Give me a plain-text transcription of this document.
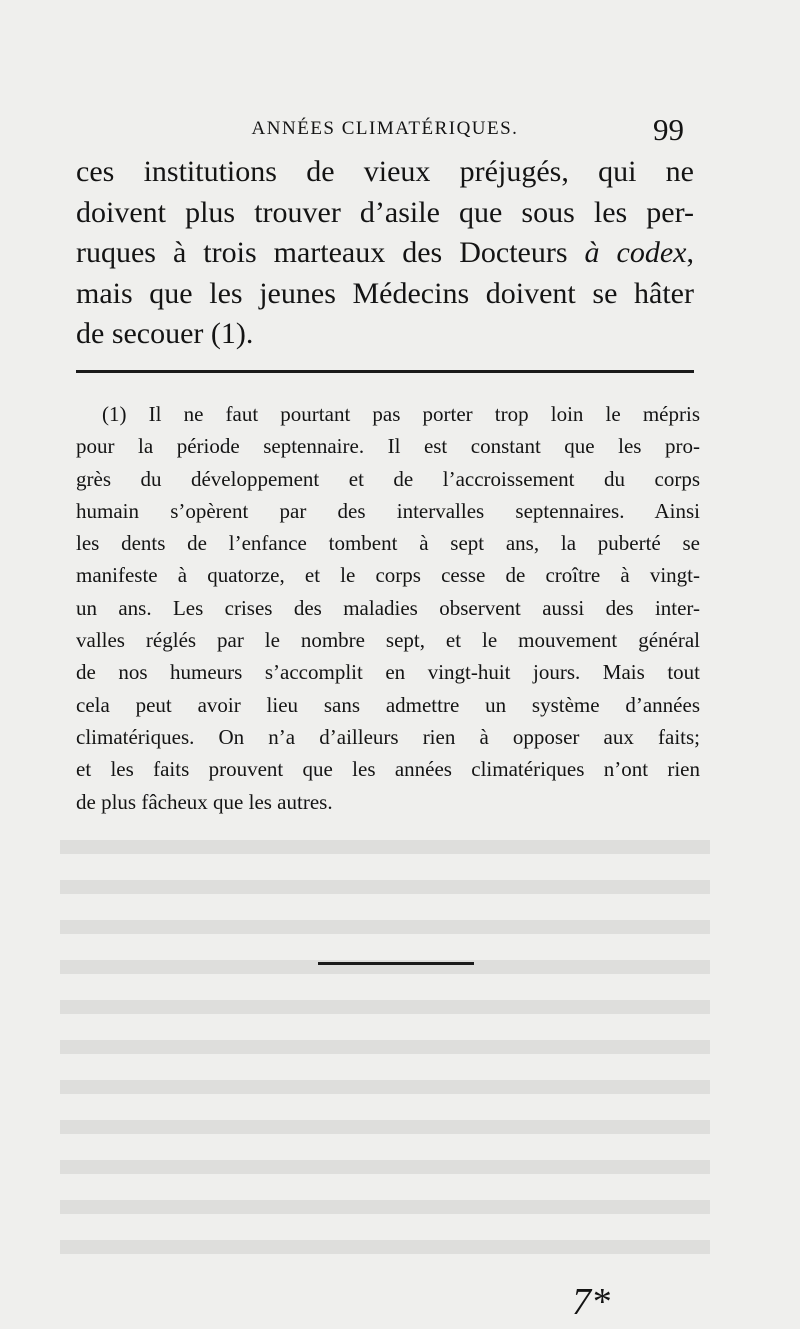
ANNÉES CLIMATÉRIQUES.	99

ces institutions de vieux préjugés, qui ne
doivent plus trouver d’asile que sous les per-
ruques à trois marteaux des Docteurs à codex,
mais que les jeunes Médecins doivent se hâter
de secouer (1).

(1) Il ne faut pourtant pas porter trop loin le mépris
pour la période septennaire. Il est constant que les pro-
grès du développement et de l’accroissement du corps
humain s’opèrent par des intervalles septennaires. Ainsi
les dents de l’enfance tombent à sept ans, la puberté se
manifeste à quatorze, et le corps cesse de croître à vingt-
un ans. Les crises des maladies observent aussi des inter-
valles réglés par le nombre sept, et le mouvement général
de nos humeurs s’accomplit en vingt-huit jours. Mais tout
cela peut avoir lieu sans admettre un système d’années
climatériques. On n’a d’ailleurs rien à opposer aux faits;
et les faits prouvent que les années climatériques n’ont rien
de plus fâcheux que les autres.

7*
